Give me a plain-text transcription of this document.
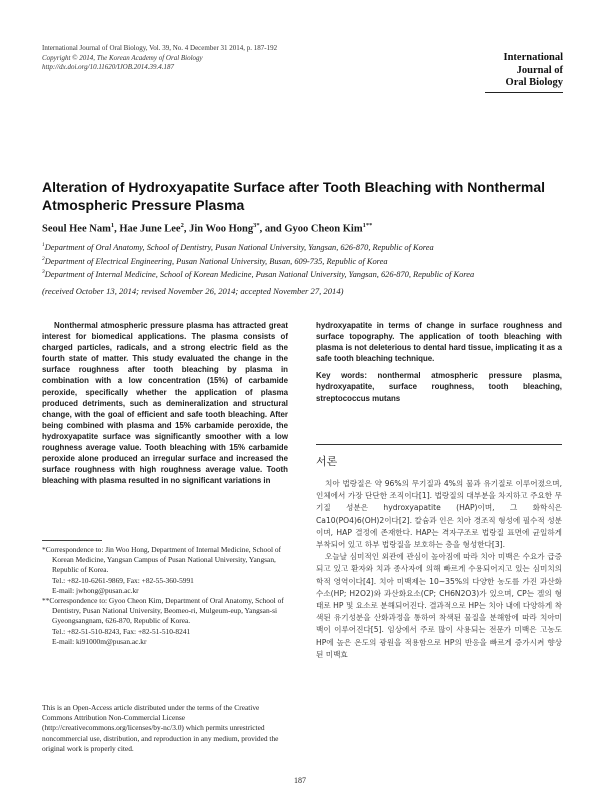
International Journal of Oral Biology, Vol. 39, No. 4 December 31 2014, p. 187-192
Copyright © 2014, The Korean Academy of Oral Biology
http://dx.doi.org/10.11620/IJOB.2014.39.4.187
International
Journal of
Oral Biology
Alteration of Hydroxyapatite Surface after Tooth Bleaching with Nonthermal Atmospheric Pressure Plasma
Seoul Hee Nam$^1$, Hae June Lee$^2$, Jin Woo Hong$^{3*}$, and Gyoo Cheon Kim$^{1**}$
$^1$Department of Oral Anatomy, School of Dentistry, Pusan National University, Yangsan, 626-870, Republic of Korea
$^2$Department of Electrical Engineering, Pusan National University, Busan, 609-735, Republic of Korea
$^3$Department of Internal Medicine, School of Korean Medicine, Pusan National University, Yangsan, 626-870, Republic of Korea
(received October 13, 2014; revised November 26, 2014; accepted November 27, 2014)
Nonthermal atmospheric pressure plasma has attracted great interest for biomedical applications. The plasma consists of charged particles, radicals, and a strong electric field as the fourth state of matter. This study evaluated the change in the surface roughness after tooth bleaching by plasma in combination with a low concentration (15%) of carbamide peroxide, specifically whether the application of plasma produced detriments, such as demineralization and structural change, with the goal of efficient and safe tooth bleaching. After being combined with plasma and 15% carbamide peroxide, the hydroxyapatite surface was significantly smoother with a low roughness average value. Tooth bleaching with 15% carbamide peroxide alone produced an irregular surface and increased the surface roughness with high roughness average value. Tooth bleaching with plasma resulted in no significant variations in
hydroxyapatite in terms of change in surface roughness and surface topography. The application of tooth bleaching with plasma is not deleterious to dental hard tissue, implicating it as a safe tooth bleaching technique.
Key words: nonthermal atmospheric pressure plasma, hydroxyapatite, surface roughness, tooth bleaching, streptococcus mutans
서론

치아 법랑질은 약 96%의 무기질과 4%의 물과 유기질로 이루어졌으며, 인체에서 가장 단단한 조직이다[1]. 법랑질의 대부분을 차지하고 주요한 무기질 성분은 hydroxyapatite (HAP)이며, 그 화학식은 Ca10(PO4)6(OH)2이다[2]. 칼슘과 인은 치아 경조직 형성에 필수적 성분이며, HAP 결정에 존재한다. HAP는 격자구조로 법랑질 표면에 균일하게 부착되어 있고 하부 법랑질을 보호하는 층을 형성한다[3].

오늘날 심미적인 외관에 관심이 높아짐에 따라 치아 미백은 수요가 급증되고 있고 환자와 치과 종사자에 의해 빠르게 수용되어지고 있는 심미치의학적 영역이다[4]. 치아 미백제는 10~35%의 다양한 농도를 가진 과산화수소(HP; H2O2)와 과산화요소(CP; CH6N2O3)가 있으며, CP는 겔의 형태로 HP 및 요소로 분해되어진다. 결과적으로 HP는 치아 내에 다양하게 착색된 유기성분을 산화과정을 통하여 착색된 물질을 분해함에 따라 치아미백이 이루어진다[5]. 임상에서 주로 많이 사용되는 전문가 미백은 고농도 HP에 높은 온도의 광원을 적용함으로 HP의 반응을 빠르게 증가시켜 향상된 미백효

*Correspondence to: Jin Woo Hong, Department of Internal Medicine, School of Korean Medicine, Yangsan Campus of Pusan National University, Yangsan, Republic of Korea.
Tel.: +82-10-6261-9869, Fax: +82-55-360-5991
E-mail: jwhong@pusan.ac.kr
**Correspondence to: Gyoo Cheon Kim, Department of Oral Anatomy, School of Dentistry, Pusan National University, Beomeo-ri, Mulgeum-eup, Yangsan-si Gyeongsangnam, 626-870, Republic of Korea.
Tel.: +82-51-510-8243, Fax: +82-51-510-8241
E-mail: ki91000m@pusan.ac.kr
This is an Open-Access article distributed under the terms of the Creative Commons Attribution Non-Commercial License (http://creativecommons.org/licenses/by-nc/3.0) which permits unrestricted noncommercial use, distribution, and reproduction in any medium, provided the original work is properly cited.
187
